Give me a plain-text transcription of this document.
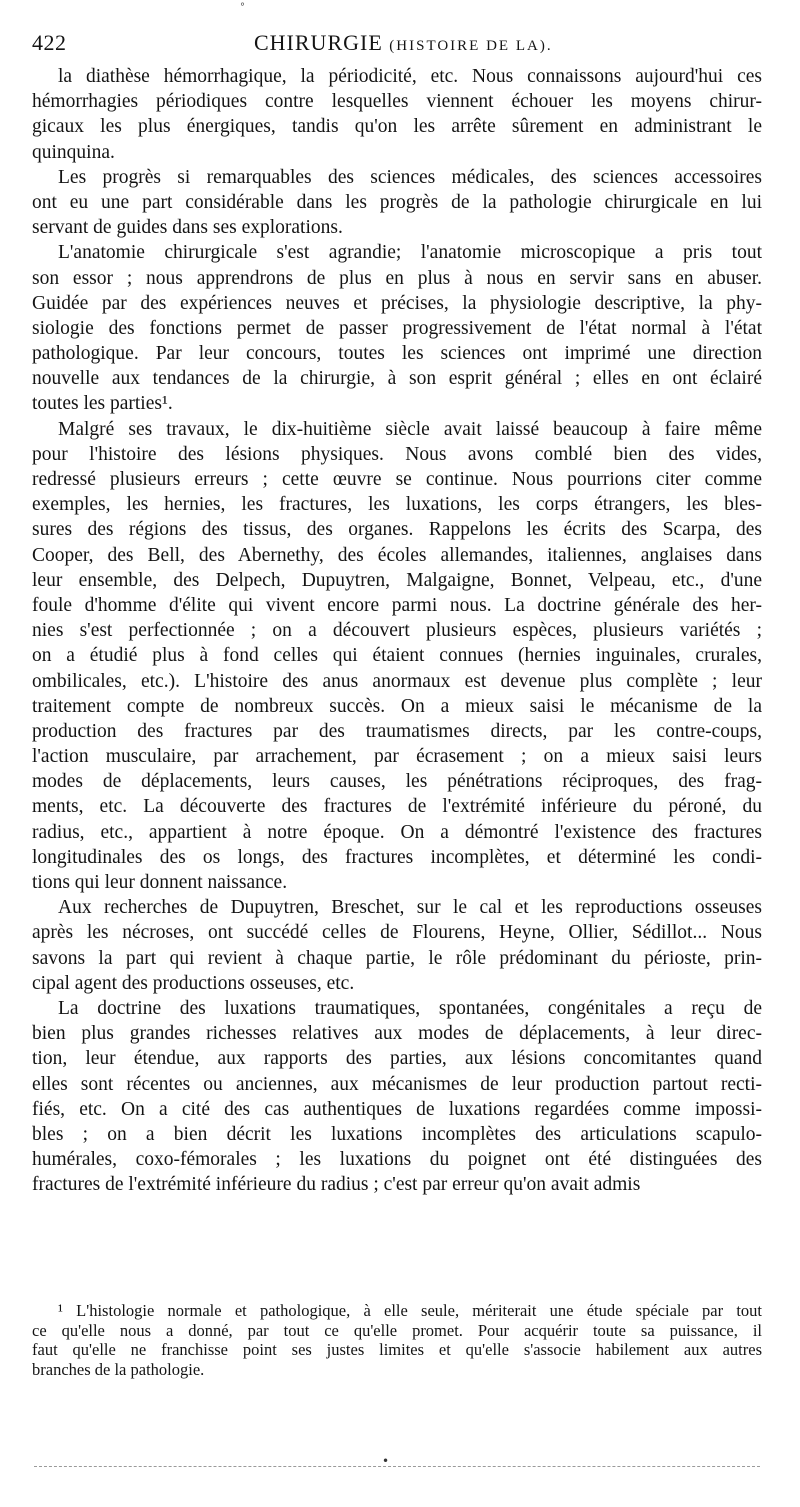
°
422	CHIRURGIE (HISTOIRE DE LA).
la diathèse hémorrhagique, la périodicité, etc. Nous connaissons aujourd'hui ces
hémorrhagies périodiques contre lesquelles viennent échouer les moyens chirur-
gicaux les plus énergiques, tandis qu'on les arrête sûrement en administrant le
quinquina.
Les progrès si remarquables des sciences médicales, des sciences accessoires
ont eu une part considérable dans les progrès de la pathologie chirurgicale en lui
servant de guides dans ses explorations.
L'anatomie chirurgicale s'est agrandie; l'anatomie microscopique a pris tout
son essor ; nous apprendrons de plus en plus à nous en servir sans en abuser.
Guidée par des expériences neuves et précises, la physiologie descriptive, la phy-
siologie des fonctions permet de passer progressivement de l'état normal à l'état
pathologique. Par leur concours, toutes les sciences ont imprimé une direction
nouvelle aux tendances de la chirurgie, à son esprit général ; elles en ont éclairé
toutes les parties¹.
Malgré ses travaux, le dix-huitième siècle avait laissé beaucoup à faire même
pour l'histoire des lésions physiques. Nous avons comblé bien des vides,
redressé plusieurs erreurs ; cette œuvre se continue. Nous pourrions citer comme
exemples, les hernies, les fractures, les luxations, les corps étrangers, les bles-
sures des régions des tissus, des organes. Rappelons les écrits des Scarpa, des
Cooper, des Bell, des Abernethy, des écoles allemandes, italiennes, anglaises dans
leur ensemble, des Delpech, Dupuytren, Malgaigne, Bonnet, Velpeau, etc., d'une
foule d'homme d'élite qui vivent encore parmi nous. La doctrine générale des her-
nies s'est perfectionnée ; on a découvert plusieurs espèces, plusieurs variétés ;
on a étudié plus à fond celles qui étaient connues (hernies inguinales, crurales,
ombilicales, etc.). L'histoire des anus anormaux est devenue plus complète ; leur
traitement compte de nombreux succès. On a mieux saisi le mécanisme de la
production des fractures par des traumatismes directs, par les contre-coups,
l'action musculaire, par arrachement, par écrasement ; on a mieux saisi leurs
modes de déplacements, leurs causes, les pénétrations réciproques, des frag-
ments, etc. La découverte des fractures de l'extrémité inférieure du péroné, du
radius, etc., appartient à notre époque. On a démontré l'existence des fractures
longitudinales des os longs, des fractures incomplètes, et déterminé les condi-
tions qui leur donnent naissance.
Aux recherches de Dupuytren, Breschet, sur le cal et les reproductions osseuses
après les nécroses, ont succédé celles de Flourens, Heyne, Ollier, Sédillot... Nous
savons la part qui revient à chaque partie, le rôle prédominant du périoste, prin-
cipal agent des productions osseuses, etc.
La doctrine des luxations traumatiques, spontanées, congénitales a reçu de
bien plus grandes richesses relatives aux modes de déplacements, à leur direc-
tion, leur étendue, aux rapports des parties, aux lésions concomitantes quand
elles sont récentes ou anciennes, aux mécanismes de leur production partout recti-
fiés, etc. On a cité des cas authentiques de luxations regardées comme impossi-
bles ; on a bien décrit les luxations incomplètes des articulations scapulo-
humérales, coxo-fémorales ; les luxations du poignet ont été distinguées des
fractures de l'extrémité inférieure du radius ; c'est par erreur qu'on avait admis
¹ L'histologie normale et pathologique, à elle seule, mériterait une étude spéciale par tout
ce qu'elle nous a donné, par tout ce qu'elle promet. Pour acquérir toute sa puissance, il
faut qu'elle ne franchisse point ses justes limites et qu'elle s'associe habilement aux autres
branches de la pathologie.
•
